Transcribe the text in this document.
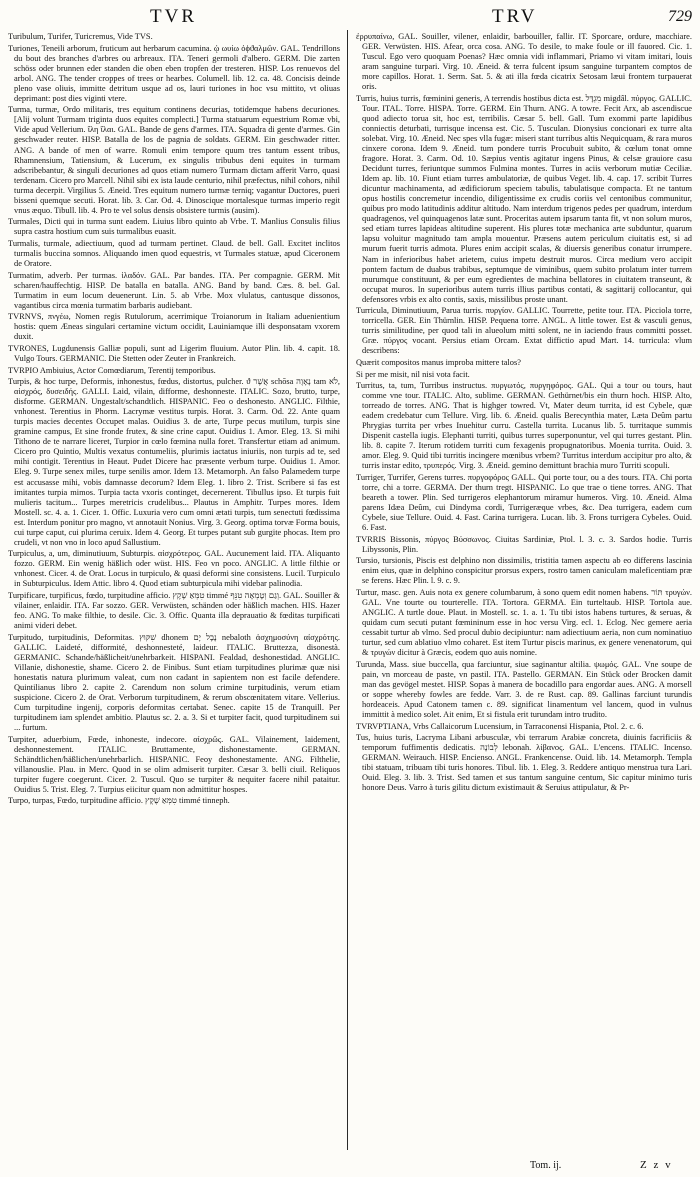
TVR	TRV	729

Turibulum, Turifer, Turicremus, Vide TVS.

Turiones, Teneili arborum, fruticum aut herbarum cacumina. ᾠ ωυίω ὀϕϑαλμῶν. GAL. Tendrillons du bout des branches d'arbres ou arbreaux. ITA. Teneri germoli d'albero. GERM. Die zarten schöss oder brunnen eder standen die oben eben tropfen der tresteren. HISP. Los renuevos del arbol. ANG. The tender croppes of trees or hearbes. Columell. lib. 12. ca. 48. Concisis deinde pleno vase oliuis, immitte detritum usque ad os, lauri turiones in hoc vsu mittito, vt oliuas deprimant: post dies viginti vtere.

Turma, turmæ, Ordo militaris, tres equitum continens decurias, totidemque habens decuriones. [Alij volunt Turmam triginta duos equites complecti.] Turma statuarum equestrium Romæ vbi, Vide apud Vellerium. ἴλη ἴλαι. GAL. Bande de gens d'armes. ITA. Squadra di gente d'armes. Gin geschwader reuter. HISP. Batalla de los de pagnia de soldats. GERM. Ein geschwader ritter. ANG. A bande of men of warre. Romuli enim tempore quum tres tantum essent tribus, Rhamnensium, Tatiensium, & Lucerum, ex singulis tribubus deni equites in turmam adscribebantur, & singuli decuriones ad quos etiam numero Turmam dictam afferit Varro, quasi terdenam. Cicero pro Marcell. Nihil sibi ex ista laude centurio, nihil præfectus, nihil cohors, nihil turma decerpit. Virgilius 5. Æneid. Tres equitum numero turmæ terniq; vagantur Ductores, pueri bisseni quemque secuti. Horat. lib. 3. Car. Od. 4. Dinoscique mortalesque turmas imperio regit vnus æquo. Tibull. lib. 4. Pro te vel solus densis obsistere turmis (ausim).

Turmales, Dicti qui in turma sunt eadem. Liuius libro quinto ab Vrbe. T. Manlius Consulis filius supra castra hostium cum suis turmalibus euasit.

Turmalis, turmale, adiectiuum, quod ad turmam pertinet. Claud. de bell. Gall. Excitet inclitos turmalis buccina somnos. Aliquando imen quod equestris, vt Turmales statuæ, apud Ciceronem de Oratore.

Turmatim, adverb. Per turmas. ἰλαδόν. GAL. Par bandes. ITA. Per compagnie. GERM. Mit scharen/hauffechtig. HISP. De batalla en batalla. ANG. Band by band. Cæs. 8. bel. Gal. Turmatim in eum locum deuenerunt. Lin. 5. ab Vrbe. Mox vlulatus, cantusque dissonos, vagantibus circa mœnia turmatim barbaris audiebant.

TVRNVS, πνγέω, Nomen regis Rutulorum, acerrimique Troianorum in Italiam aduenientium hostis: quem Æneas singulari certamine victum occidit, Lauiniamque illi desponsatam vxorem duxit.

TVRONES, Lugdunensis Galliæ populi, sunt ad Ligerim fluuium. Autor Plin. lib. 4. capit. 18. Vulgo Tours. GERMANIC. Die Stetten oder Zeuter in Frankreich.

TVRPIO Ambiuius, Actor Comœdiarum, Terentij temporibus.

Turpis, & hoc turpe, Deformis, inhonestus, fœdus, distortus, pulcher. ϑ אֲשֶׁר schōsa נָאָוֶה tam לֹא, αἰσχρός, δυσειδής. GALLI. Laid, vilain, difforme, deshonneste. ITALIC. Sozo, brutto, turpe, disforme. GERMAN. Ungestalt/schandtlich. HISPANIC. Feo o deshonesto. ANGLIC. Filthie, vnhonest. Terentius in Phorm. Lacrymæ vestitus turpis. Horat. 3. Carm. Od. 22. Ante quam turpis macies decentes Occupet malas. Ouidius 3. de arte, Turpe pecus mutilum, turpis sine gramine campus, Et sine fronde frutex, & sine crine caput. Ouidius 1. Amor. Eleg. 13. Si mihi Tithono de te narrare liceret, Turpior in cœlo fœmina nulla foret. Transfertur etiam ad animum. Cicero pro Quintio, Multis vexatus contumeliis, plurimis iactatus iniuriis, non turpis ad te, sed mihi contigit. Terentius in Heaut. Pudet Dicere hac præsente verbum turpe. Ouidius 1. Amor. Eleg. 9. Turpe senex miles, turpe senilis amor. Idem 13. Metamorph. An falso Palamedem turpe est accusasse mihi, vobis damnasse decorum? Idem Eleg. 1. libro 2. Trist. Scribere si fas est imitantes turpia mimos. Turpia tacta vxoris continget, decernerent. Tibullus ipso. Et turpis fuit mulieris tacitum... Turpes meretricis crudelibus... Plautus in Amphitr. Turpes mores. Idem Mostell. sc. 4. a. 1. Cicer. 1. Offic. Luxuria vero cum omni ætati turpis, tum senectuti fœdissima est. Interdum ponitur pro magno, vt annotauit Nonius. Virg. 3. Georg. optima torvæ Forma bouis, cui turpe caput, cui plurima ceruix. Idem 4. Georg. Et turpes putant sub gurgite phocas. Item pro crudeli, vt non vno in loco apud Sallustium.

Turpiculus, a, um, diminutiuum, Subturpis. αἰσχρότερος. GAL. Aucunement laid. ITA. Aliquanto fozzo. GERM. Ein wenig häßlich oder wüst. HIS. Feo vn poco. ANGLIC. A little filthie or vnhonest. Cicer. 4. de Orat. Locus in turpiculo, & quasi deformi sine consistens. Lucil. Turpiculo in Subturpiculus. Idem Attic. libro 4. Quod etiam subturpicula mihi videbar palinodia.

Turpificare, turpificus, fœdo, turpitudine afficio. טִמְּאַ שֶׁקֶץ timmé וְגַם וְטָמְאָה טִנֵּף. GAL. Souiller & vilainer, enlaidir. ITA. Far sozzo. GER. Verwüsten, schänden oder häßlich machen. HIS. Hazer feo. ANG. To make filthie, to desile. Cic. 3. Offic. Quanta illa deprauatio & fœditas turpificati animi videri debet.

Turpitudo, turpitudinis, Deformitas. שִׁקּוּץ dhonem נָבָל יָם nebaloth ἀσχημοσύνη αἰσχρότης. GALLIC. Laideté, difformité, deshonnesteté, laideur. ITALIC. Bruttezza, disonestà. GERMANIC. Schande/häßlicheit/unehrbarkeit. HISPANI. Fealdad, deshonestidad. ANGLIC. Villanie, dishonestie, shame. Cicero 2. de Finibus. Sunt etiam turpitudines plurimæ quæ nisi honestatis natura plurimum valeat, cum non cadant in sapientem non est facile defendere. Quintilianus libro 2. capite 2. Carendum non solum crimine turpitudinis, verum etiam suspicione. Cicero 2. de Orat. Verborum turpitudinem, & rerum obscœnitatem vitare. Vellerius. Cum turpitudine ingenij, corporis deformitas certabat. Senec. capite 15 de Tranquill. Per turpitudinem iam splendet ambitio. Plautus sc. 2. a. 3. Si et turpiter facit, quod turpitudinem sui ... furtum.

Turpiter, aduerbium, Fœde, inhoneste, indecore. αἰσχρῶς. GAL. Vilainement, laidement, deshonnestement. ITALIC. Bruttamente, dishonestamente. GERMAN. Schändtlichen/häßlichen/unehrbarlich. HISPANIC. Feoy deshonestamente. ANG. Filthelie, villanouslie. Plau. in Merc. Quod in se olim admiserit turpiter. Cæsar 3. belli ciuil. Reliquos turpiter fugere coegerunt. Cicer. 2. Tuscul. Quo se turpiter & nequiter facere nihil pataitur. Ouidius 5. Trist. Eleg. 7. Turpius eiicitur quam non admittitur hospes.

Turpo, turpas, Fœdo, turpitudine afficio. טִמְּאַ שֶׁקֶץ timmé tinneph.

ἐρρυπαίνω, GAL. Souiller, vilener, enlaidir, barbouiller, fallir. IT. Sporcare, ordure, macchiare. GER. Verwüsten. HIS. Afear, orca cosa. ANG. To desile, to make foule or ill fauored. Cic. 1. Tuscul. Ego vero quoquam Poenas? Hæc omnia vidi inflammari, Priamo vi vitam imitari, louis aram sanguine turpari. Virg. 10. Æneid. & terra fulcent ipsum sanguine turpantem comptos de more capillos. Horat. 1. Serm. Sat. 5. & ati illa fœda cicatrix Setosam læui frontem turpauerat oris.

Turris, huius turris, fœminini generis, A terrendis hostibus dicta est. מִגְדָּל migdâl. πύργος. GALLIC. Tour. ITAL. Torre. HISPA. Torre. GERM. Ein Thurn. ANG. A towre. Fecit Arx, ab ascendiscue quod adiecto torua sit, hoc est, terribilis. Cæsar 5. bell. Gall. Tum exommi parte lapidibus conniectis deturbati, turrisque incensa est. Cic. 5. Tusculan. Dionysius concionari ex turre alta solebat. Virg. 10. Æneid. Nec spes vlla fugæ: miseri stant turribus altis Nequicquam, & rara muros cinxere corona. Idem 9. Æneid. tum pondere turris Procubuit subito, & cœlum tonat omne fragore. Horat. 3. Carm. Od. 10. Sæpius ventis agitatur ingens Pinus, & celsæ grauiore casu Decidunt turres, feriuntque summos Fulmina montes. Turres in aciis verborum mutiæ Ceciliæ. Idem ap. lib. 10. Fiunt etiam turres ambulatoriæ, de quibus Veget. lib. 4. cap. 17. scribit Turres dicuntur machinamenta, ad ædificiorum speciem tabulis, tabulatisque compacta. Et ne tantum opus hostilis concremetur incendio, diligentissime ex crudis coriis vel centonibus communitur, quibus pro modo latitudinis additur altitudo. Nam interdum trigenos pedes per quadrum, interdum quadragenos, vel quinquagenos latæ sunt. Proceritas autem ipsarum tanta fit, vt non solum muros, sed etiam turres lapideas altitudine superent. His plures totæ mechanica arte subduntur, quarum lapsu voluitur magnitudo tam ampla mouentur. Præsens autem periculum ciuitatis est, si ad murum fuerit turris admota. Plures enim accipit scalas, & diuersis generibus conatur irrumpere. Nam in inferioribus habet arietem, cuius impetu destruit muros. Circa medium vero accipit pontem factum de duabus trabibus, septumque de viminibus, quem subito prolatum inter turrem murumque constituunt, & per eum egredientes de machina bellatores in ciuitatem transeunt, & occupat muros. In superioribus autem turris illius partibus contati, & sagittarij collocantur, qui defensores vrbis ex alto contis, saxis, missilibus proste unant.

Turricula, Diminutiuum, Parua turris. πυργίον. GALLIC. Tourrette, petite tour. ITA. Picciola torre, torricella. GER. Ein Thürnlin. HISP. Pequena torre. ANGL. A little tower. Est & vasculi genus, turris similitudine, per quod tali in alueolum mitti solent, ne in iaciendo fraus committi posset. Græ. πύργος vocant. Persius etiam Orcam. Extat diffictio apud Mart. 14. turricula: vlum describens:

Quærit compositos manus improba mittere talos?

Si per me misit, nil nisi vota facit.

Turritus, ta, tum, Turribus instructus. πυργωτός, πυργηφόρος. GAL. Qui a tour ou tours, haut comme vne tour. ITALIC. Alto, sublime. GERMAN. Gethürnet/bis ein thurn hoch. HISP. Alto, torreado de torres. ANG. That is highger towred. Vt, Mater deum turrita, id est Cybele, quæ eadem credebatur cum Tellure. Virg. lib. 6. Æneid. qualis Berecynthia mater, Læta Deûm partu Phrygias turrita per vrbes Inuehitur curru. Castella turrita. Lucanus lib. 5. turritaque summis Dispenit castella iugis. Elephanti turriti, quibus turres superponuntur, vel qui turres gestant. Plin. lib. 8. capite 7. Iterum rotidem turriti cum fexagenis propugnatoribus. Moenia turrita. Ouid. 3. amor. Eleg. 9. Quid tibi turritis incingere mœnibus vrbem? Turritus interdum accipitur pro alto, & turris instar edito, τρυπερός. Virg. 3. Æneid. gemino demittunt brachia muro Turriti scopuli.

Turriger, Turrifer, Gerens turres. πυργοφόρος GALL. Qui porte tour, ou a des tours. ITA. Chi porta torre, chi a torre. GERMA. Der thurn tregt. HISPANIC. Lo que trae o tiene torres. ANG. That beareth a tower. Plin. Sed turrigeros elephantorum miramur humeros. Virg. 10. Æneid. Alma parens Idæa Deûm, cui Dindyma cordi, Turrigeræque vrbes, &c. Dea turrigera, eadem cum Cybele, siue Tellure. Ouid. 4. Fast. Carina turrigera. Lucan. lib. 3. Frons turrigera Cybeles. Ouid. 6. Fast.

TVRRIS Bissonis, πύργος Βύσσωνος. Ciuitas Sardiniæ, Ptol. l. 3. c. 3. Sardos hodie. Turris Libyssonis, Plin.

Tursio, tursionis, Piscis est delphino non dissimilis, tristitia tamen aspectu ab eo differens lascinia enim eius, quæ in delphino conspicitur prorsus expers, rostro tamen caniculam maleficentiam præ se ferens. Hæc Plin. l. 9. c. 9.

Turtur, masc. gen. Auis nota ex genere columbarum, à sono quem edit nomen habens. תּוֹר τρυγών. GAL. Vne tourte ou tourterelle. ITA. Tortora. GERMA. Ein turteltaub. HISP. Tortola aue. ANGLIC. A turtle doue. Plaut. in Mostell. sc. 1. a. 1. Tu tibi istos habens turtures, & seruas, & quidam cum secuti putant fœmininum esse in hoc versu Virg. ecl. 1. Eclog. Nec gemere aeria cessabit turtur ab vlmo. Sed procul dubio decipiuntur: nam adiectiuum aeria, non cum nominatiuo turtur, sed cum ablatiuo vlmo coharet. Est item Turtur piscis marinus, ex genere venenatorum, qui & τρυγών dicitur à Græcis, eodem quo auis nomine.

Turunda, Mass. siue buccella, qua farciuntur, siue saginantur altilia. ψωμός. GAL. Vne soupe de pain, vn morceau de paste, vn pastil. ITA. Pastello. GERMAN. Ein Stück oder Brocken damit man das gevögel mestet. HISP. Sopas à manera de bocadillo para engordar aues. ANG. A morsell or soppe whereby fowles are fedde. Varr. 3. de re Rust. cap. 89. Gallinas farciunt turundis hordeaceis. Apud Catonem tamen c. 89. significat linamentum vel lancem, quod in vulnus immittit à medico solet. Ait enim, Et si fistula erit turundam intro trudito.

TVRVPTIANA, Vrbs Callaicorum Lucensium, in Tarraconensi Hispania, Ptol. 2. c. 6.

Tus, huius turis, Lacryma Libani arbusculæ, vbi terrarum Arabiæ concreta, diuinis facrificiis & temporum fuffimentis dedicatis. לְבוֹנָה lebonah. λίβανος. GAL. L'encens. ITALIC. Incenso. GERMAN. Weirauch. HISP. Encienso. ANGL. Frankencense. Ouid. lib. 14. Metamorph. Templa tibi statuam, tribuam tibi turis honores. Tibul. lib. 1. Eleg. 3. Reddere antiquo menstrua tura Lari. Ouid. Eleg. 3. lib. 3. Trist. Sed tamen et sus tantum sanguine centum, Sic capitur minimo turis honore Deus. Varro à turis gilitu dictum existimauit & Seruius attipulatur, & Pr-

Tom. ij.	Z z v
